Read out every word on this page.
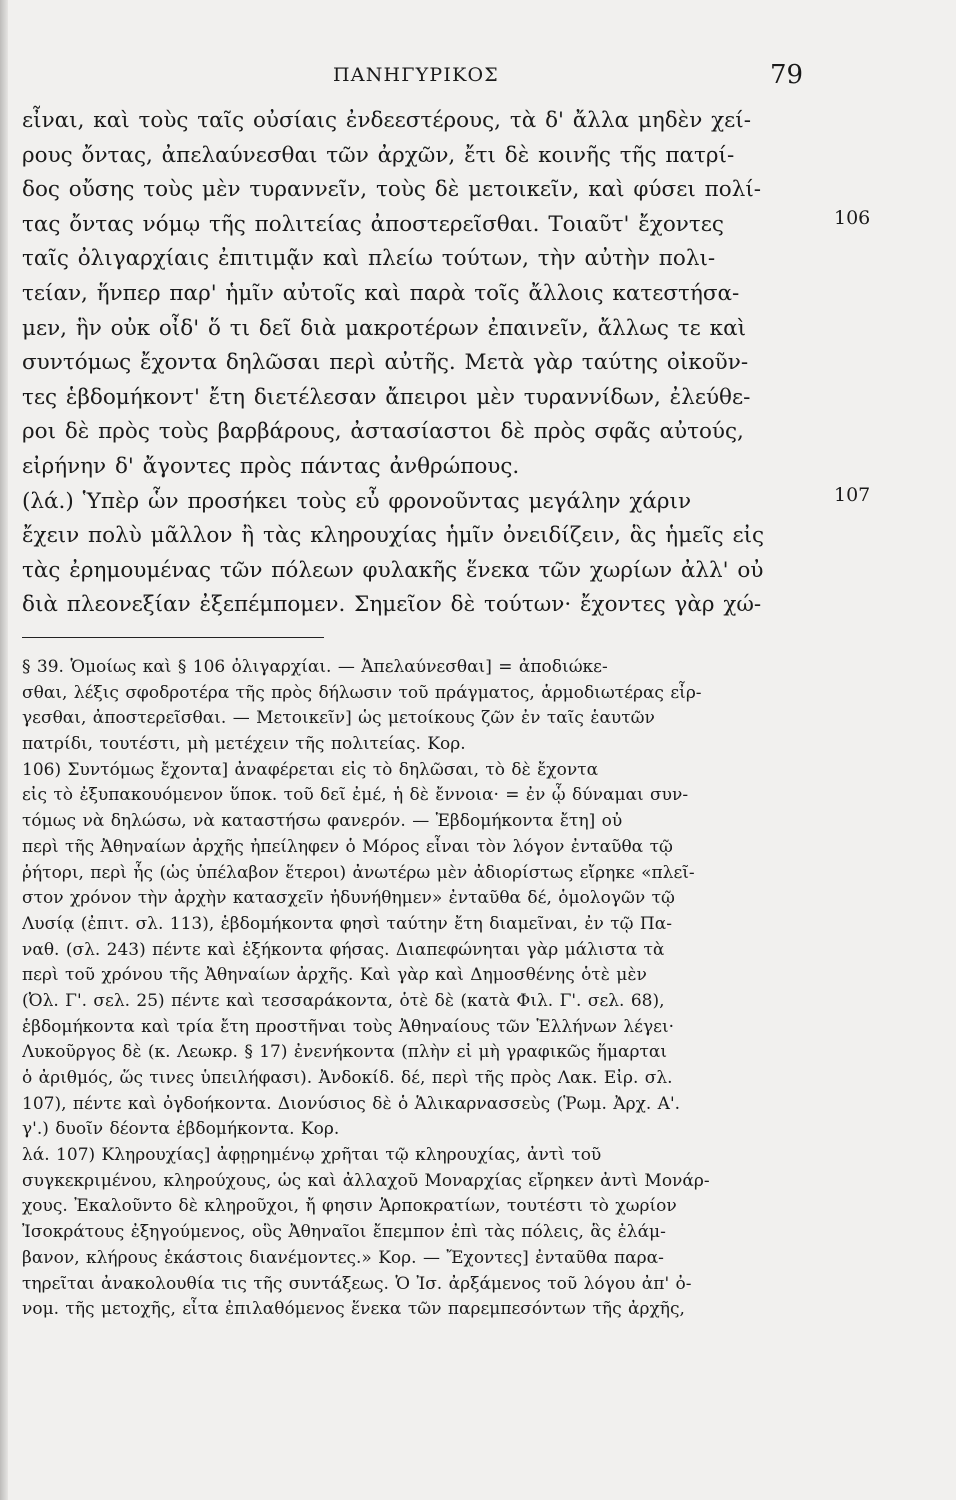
ΠΑΝΗΓΥΡΙΚΟΣ	79
εἶναι, καὶ τοὺς ταῖς οὐσίαις ἐνδεεστέρους, τὰ δ' ἄλλα μηδὲν χεί-
ρους ὄντας, ἀπελαύνεσθαι τῶν ἀρχῶν, ἔτι δὲ κοινῆς τῆς πατρί-
δος οὔσης τοὺς μὲν τυραννεῖν, τοὺς δὲ μετοικεῖν, καὶ φύσει πολί-
τας ὄντας νόμῳ τῆς πολιτείας ἀποστερεῖσθαι. Τοιαῦτ' ἔχοντες
ταῖς ὀλιγαρχίαις ἐπιτιμᾷν καὶ πλείω τούτων, τὴν αὐτὴν πολι-
τείαν, ἥνπερ παρ' ἡμῖν αὐτοῖς καὶ παρὰ τοῖς ἄλλοις κατεστήσα-
μεν, ἣν οὐκ οἶδ' ὅ τι δεῖ διὰ μακροτέρων ἐπαινεῖν, ἄλλως τε καὶ
συντόμως ἔχοντα δηλῶσαι περὶ αὐτῆς. Μετὰ γὰρ ταύτης οἰκοῦν-
τες ἑβδομήκοντ' ἔτη διετέλεσαν ἄπειροι μὲν τυραννίδων, ἐλεύθε-
ροι δὲ πρὸς τοὺς βαρβάρους, ἀστασίαστοι δὲ πρὸς σφᾶς αὐτούς,
εἰρήνην δ' ἄγοντες πρὸς πάντας ἀνθρώπους.
(λά.) Ὑπὲρ ὧν προσήκει τοὺς εὖ φρονοῦντας μεγάλην χάριν
ἔχειν πολὺ μᾶλλον ἢ τὰς κληρουχίας ἡμῖν ὀνειδίζειν, ἃς ἡμεῖς εἰς
τὰς ἐρημουμένας τῶν πόλεων φυλακῆς ἕνεκα τῶν χωρίων ἀλλ' οὐ
διὰ πλεονεξίαν ἐξεπέμπομεν. Σημεῖον δὲ τούτων· ἔχοντες γὰρ χώ-
106
107
§ 39. Ὁμοίως καὶ § 106 ὀλιγαρχίαι. — Ἀπελαύνεσθαι] = ἀποδιώκε-
σθαι, λέξις σφοδροτέρα τῆς πρὸς δήλωσιν τοῦ πράγματος, ἁρμοδιωτέρας εἶρ-
γεσθαι, ἀποστερεῖσθαι. — Μετοικεῖν] ὡς μετοίκους ζῶν ἐν ταῖς ἑαυτῶν
πατρίδι, τουτέστι, μὴ μετέχειν τῆς πολιτείας. Κορ.
106) Συντόμως ἔχοντα] ἀναφέρεται εἰς τὸ δηλῶσαι, τὸ δὲ ἔχοντα
εἰς τὸ ἐξυπακουόμενον ὕποκ. τοῦ δεῖ ἐμέ, ἡ δὲ ἔννοια· = ἐν ᾧ δύναμαι συν-
τόμως νὰ δηλώσω, νὰ καταστήσω φανερόν. — Ἑβδομήκοντα ἔτη] οὐ
περὶ τῆς Ἀθηναίων ἀρχῆς ἠπείληφεν ὁ Μόρος εἶναι τὸν λόγον ἐνταῦθα τῷ
ῥήτορι, περὶ ἧς (ὡς ὑπέλαβον ἕτεροι) ἀνωτέρω μὲν ἀδιορίστως εἴρηκε «πλεῖ-
στον χρόνον τὴν ἀρχὴν κατασχεῖν ἠδυνήθημεν» ἐνταῦθα δέ, ὁμολογῶν τῷ
Λυσίᾳ (ἐπιτ. σλ. 113), ἑβδομήκοντα φησὶ ταύτην ἔτη διαμεῖναι, ἐν τῷ Πα-
ναθ. (σλ. 243) πέντε καὶ ἑξήκοντα φήσας. Διαπεφώνηται γὰρ μάλιστα τὰ
περὶ τοῦ χρόνου τῆς Ἀθηναίων ἀρχῆς. Καὶ γὰρ καὶ Δημοσθένης ὁτὲ μὲν
(Ὀλ. Γ'. σελ. 25) πέντε καὶ τεσσαράκοντα, ὁτὲ δὲ (κατὰ Φιλ. Γ'. σελ. 68),
ἑβδομήκοντα καὶ τρία ἔτη προστῆναι τοὺς Ἀθηναίους τῶν Ἑλλήνων λέγει·
Λυκοῦργος δὲ (κ. Λεωκρ. § 17) ἐνενήκοντα (πλὴν εἰ μὴ γραφικῶς ἥμαρται
ὁ ἀριθμός, ὥς τινες ὑπειλήφασι). Ἀνδοκίδ. δέ, περὶ τῆς πρὸς Λακ. Εἰρ. σλ.
107), πέντε καὶ ὀγδοήκοντα. Διονύσιος δὲ ὁ Ἁλικαρνασσεὺς (Ῥωμ. Ἀρχ. Α'.
γ'.) δυοῖν δέοντα ἑβδομήκοντα. Κορ.
λά. 107) Κληρουχίας] ἀφῃρημένῳ χρῆται τῷ κληρουχίας, ἀντὶ τοῦ
συγκεκριμένου, κληρούχους, ὡς καὶ ἀλλαχοῦ Μοναρχίας εἴρηκεν ἀντὶ Μονάρ-
χους. Ἐκαλοῦντο δὲ κληροῦχοι, ἤ φησιν Ἁρποκρατίων, τουτέστι τὸ χωρίον
Ἰσοκράτους ἐξηγούμενος, οὓς Ἀθηναῖοι ἔπεμπον ἐπὶ τὰς πόλεις, ἃς ἐλάμ-
βανον, κλήρους ἑκάστοις διανέμοντες.» Κορ. — Ἔχοντες] ἐνταῦθα παρα-
τηρεῖται ἀνακολουθία τις τῆς συντάξεως. Ὁ Ἰσ. ἀρξάμενος τοῦ λόγου ἀπ' ὀ-
νομ. τῆς μετοχῆς, εἶτα ἐπιλαθόμενος ἕνεκα τῶν παρεμπεσόντων τῆς ἀρχῆς,
